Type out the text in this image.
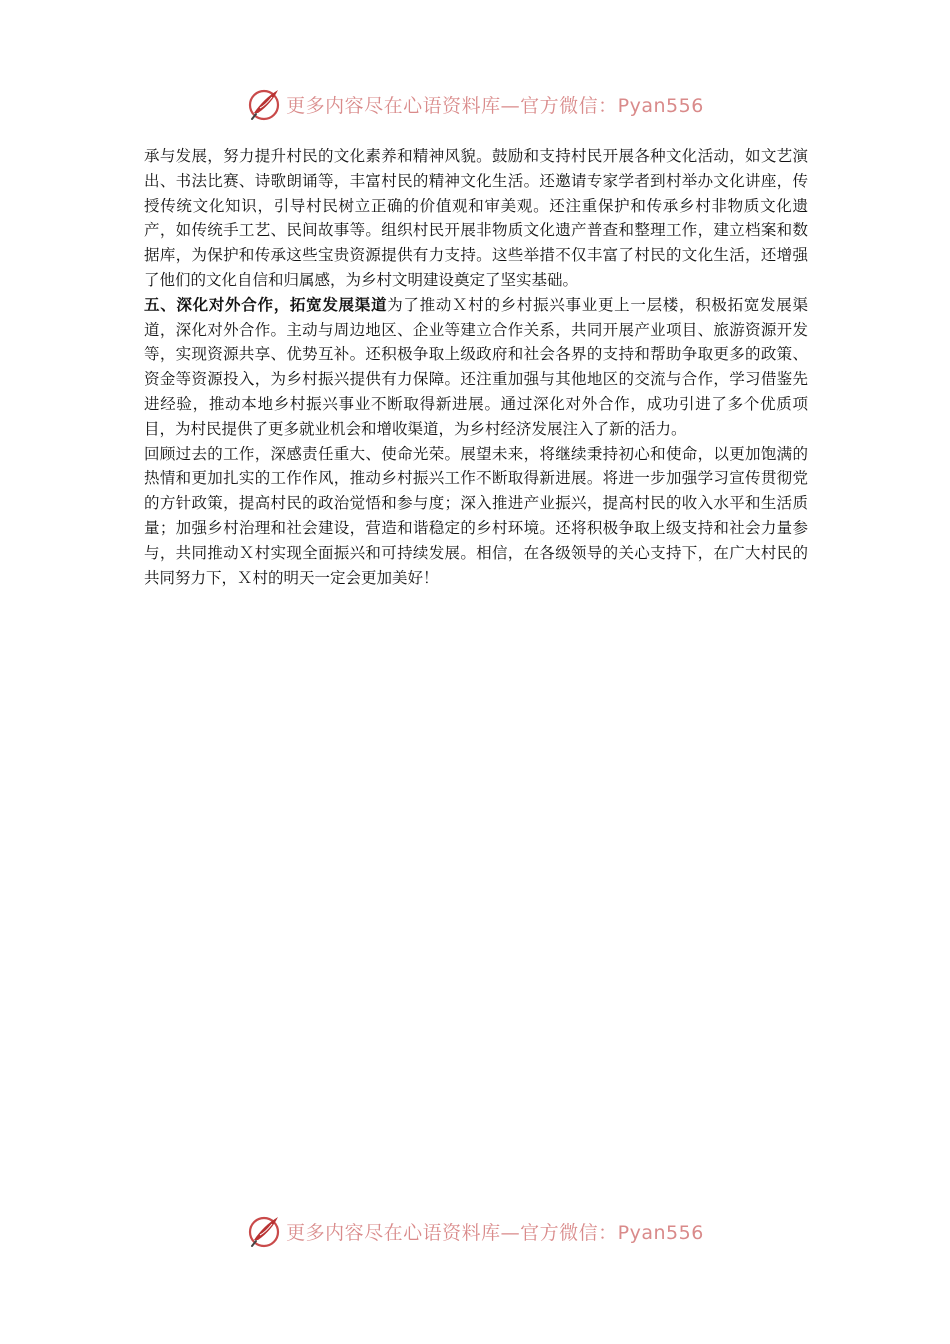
更多内容尽在心语资料库—官方微信：Pyan556

承与发展，努力提升村民的文化素养和精神风貌。鼓励和支持村民开展各种文化活动，如文艺演出、书法比赛、诗歌朗诵等，丰富村民的精神文化生活。还邀请专家学者到村举办文化讲座，传授传统文化知识，引导村民树立正确的价值观和审美观。还注重保护和传承乡村非物质文化遗产，如传统手工艺、民间故事等。组织村民开展非物质文化遗产普查和整理工作，建立档案和数据库，为保护和传承这些宝贵资源提供有力支持。这些举措不仅丰富了村民的文化生活，还增强了他们的文化自信和归属感，为乡村文明建设奠定了坚实基础。

五、深化对外合作，拓宽发展渠道为了推动Ｘ村的乡村振兴事业更上一层楼，积极拓宽发展渠道，深化对外合作。主动与周边地区、企业等建立合作关系，共同开展产业项目、旅游资源开发等，实现资源共享、优势互补。还积极争取上级政府和社会各界的支持和帮助争取更多的政策、资金等资源投入，为乡村振兴提供有力保障。还注重加强与其他地区的交流与合作，学习借鉴先进经验，推动本地乡村振兴事业不断取得新进展。通过深化对外合作，成功引进了多个优质项目，为村民提供了更多就业机会和增收渠道，为乡村经济发展注入了新的活力。

回顾过去的工作，深感责任重大、使命光荣。展望未来，将继续秉持初心和使命，以更加饱满的热情和更加扎实的工作作风，推动乡村振兴工作不断取得新进展。将进一步加强学习宣传贯彻党的方针政策，提高村民的政治觉悟和参与度；深入推进产业振兴，提高村民的收入水平和生活质量；加强乡村治理和社会建设，营造和谐稳定的乡村环境。还将积极争取上级支持和社会力量参与，共同推动Ｘ村实现全面振兴和可持续发展。相信，在各级领导的关心支持下，在广大村民的共同努力下，Ｘ村的明天一定会更加美好！

更多内容尽在心语资料库—官方微信：Pyan556
